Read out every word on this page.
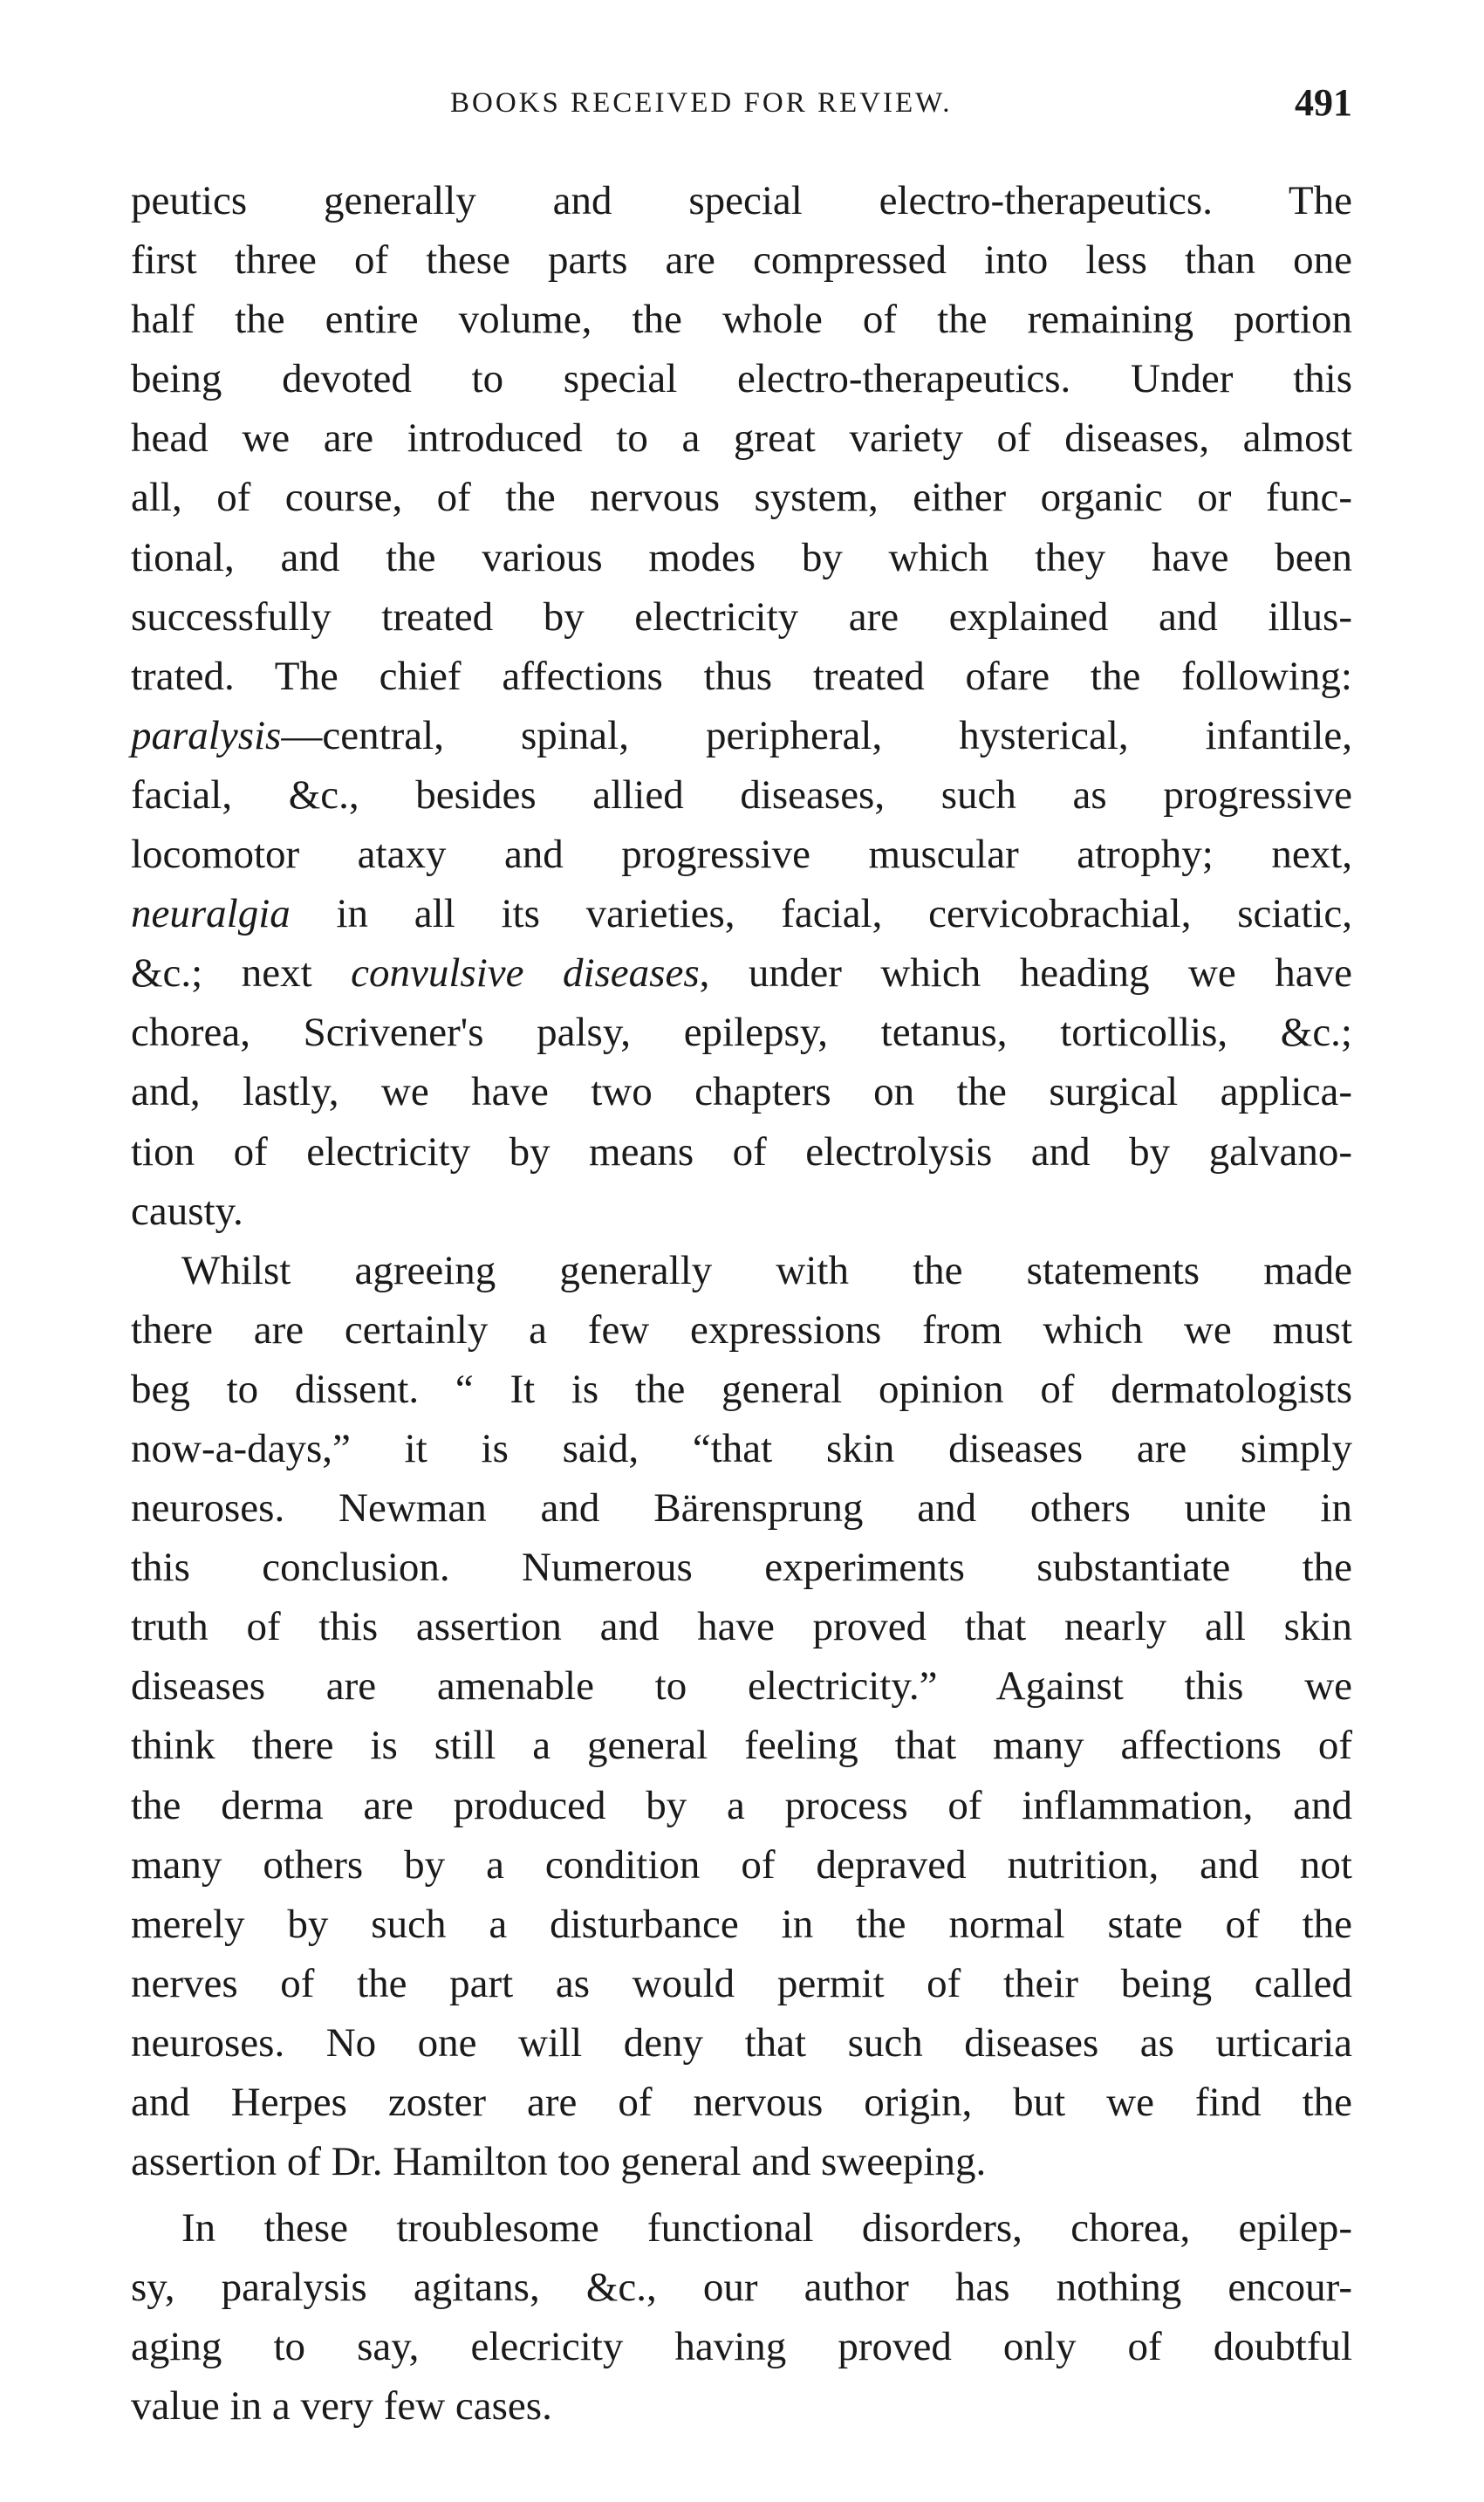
BOOKS RECEIVED FOR REVIEW.	491
peutics generally and special electro-therapeutics. The
first three of these parts are compressed into less than one
half the entire volume, the whole of the remaining portion
being devoted to special electro-therapeutics. Under this
head we are introduced to a great variety of diseases, almost
all, of course, of the nervous system, either organic or func-
tional, and the various modes by which they have been
successfully treated by electricity are explained and illus-
trated. The chief affections thus treated ofare the following:
paralysis—central, spinal, peripheral, hysterical, infantile,
facial, &c., besides allied diseases, such as progressive
locomotor ataxy and progressive muscular atrophy; next,
neuralgia in all its varieties, facial, cervicobrachial, sciatic,
&c.; next convulsive diseases, under which heading we have
chorea, Scrivener's palsy, epilepsy, tetanus, torticollis, &c.;
and, lastly, we have two chapters on the surgical applica-
tion of electricity by means of electrolysis and by galvano-
causty.
Whilst agreeing generally with the statements made
there are certainly a few expressions from which we must
beg to dissent. “ It is the general opinion of dermatologists
now-a-days,” it is said, “that skin diseases are simply
neuroses. Newman and Bärensprung and others unite in
this conclusion. Numerous experiments substantiate the
truth of this assertion and have proved that nearly all skin
diseases are amenable to electricity.” Against this we
think there is still a general feeling that many affections of
the derma are produced by a process of inflammation, and
many others by a condition of depraved nutrition, and not
merely by such a disturbance in the normal state of the
nerves of the part as would permit of their being called
neuroses. No one will deny that such diseases as urticaria
and Herpes zoster are of nervous origin, but we find the
assertion of Dr. Hamilton too general and sweeping.
In these troublesome functional disorders, chorea, epilep-
sy, paralysis agitans, &c., our author has nothing encour-
aging to say, elecricity having proved only of doubtful
value in a very few cases.
